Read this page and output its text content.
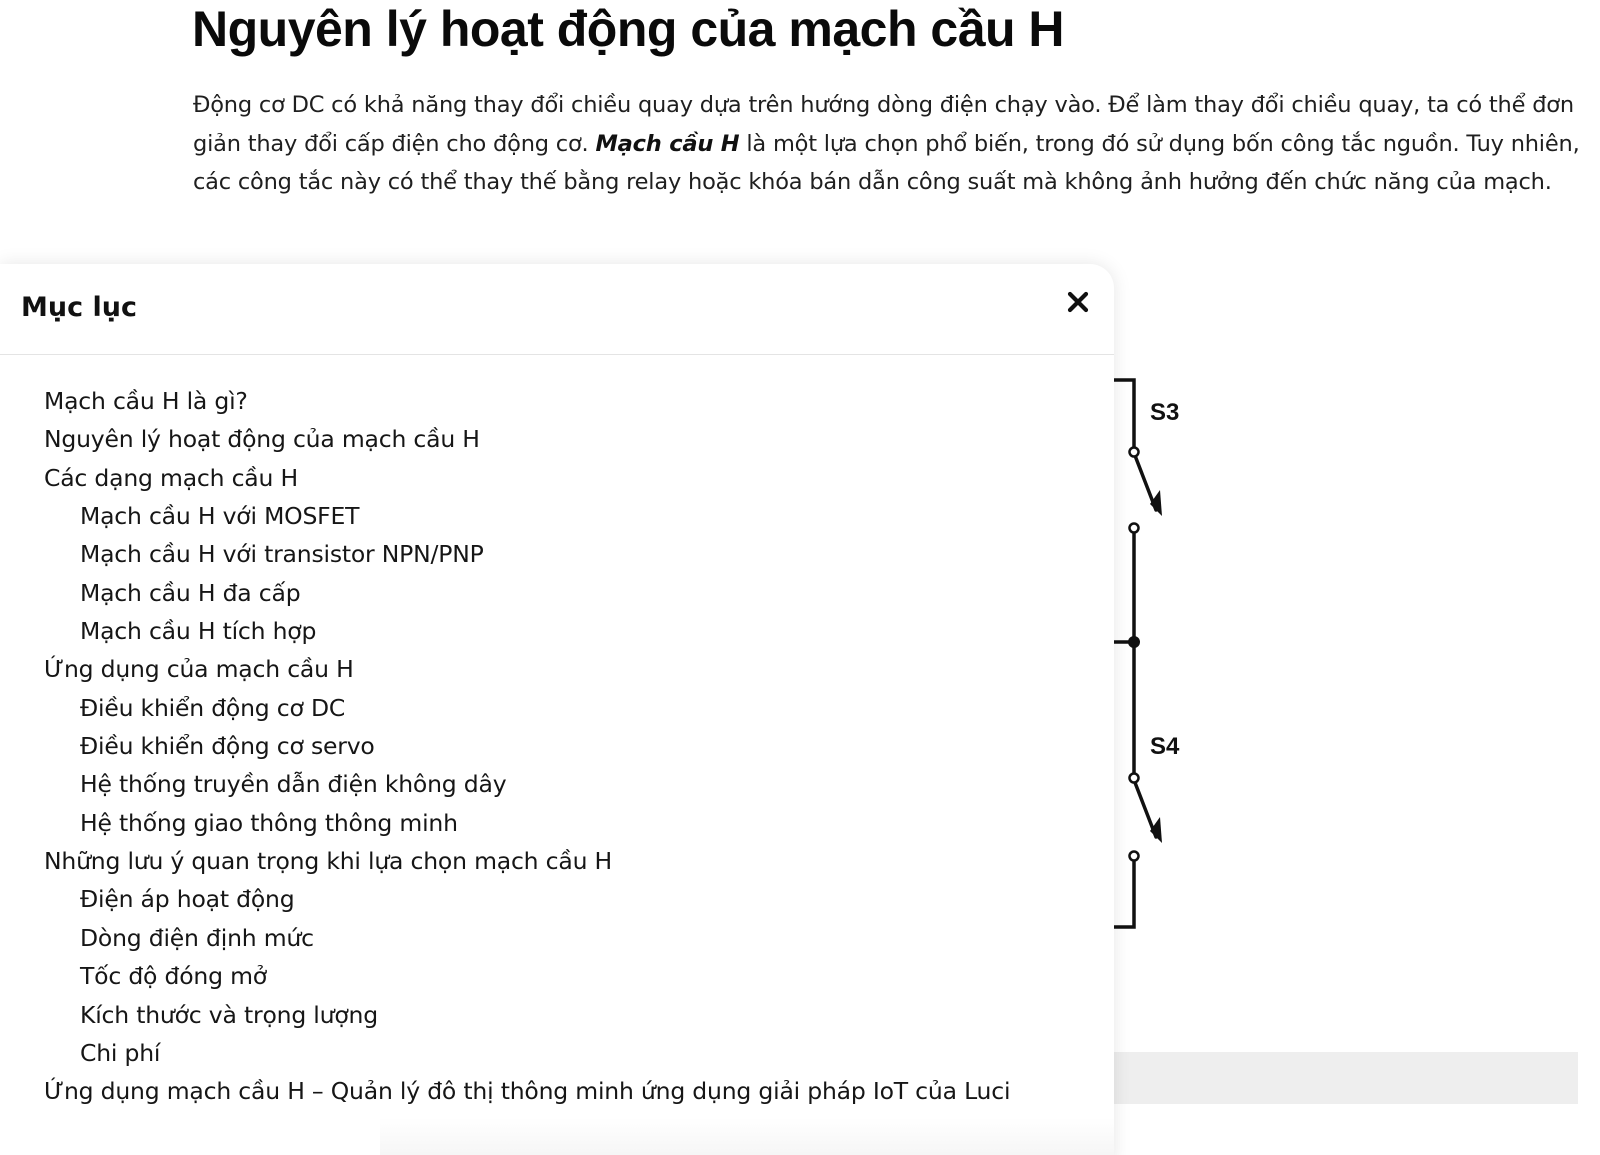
Nguyên lý hoạt động của mạch cầu H

Động cơ DC có khả năng thay đổi chiều quay dựa trên hướng dòng điện chạy vào. Để làm thay đổi chiều quay, ta có thể đơn giản thay đổi cấp điện cho động cơ. Mạch cầu H là một lựa chọn phổ biến, trong đó sử dụng bốn công tắc nguồn. Tuy nhiên, các công tắc này có thể thay thế bằng relay hoặc khóa bán dẫn công suất mà không ảnh hưởng đến chức năng của mạch.

S3
S4
Mục lục
Mạch cầu H là gì?
Nguyên lý hoạt động của mạch cầu H
Các dạng mạch cầu H
Mạch cầu H với MOSFET
Mạch cầu H với transistor NPN/PNP
Mạch cầu H đa cấp
Mạch cầu H tích hợp
Ứng dụng của mạch cầu H
Điều khiển động cơ DC
Điều khiển động cơ servo
Hệ thống truyền dẫn điện không dây
Hệ thống giao thông thông minh
Những lưu ý quan trọng khi lựa chọn mạch cầu H
Điện áp hoạt động
Dòng điện định mức
Tốc độ đóng mở
Kích thước và trọng lượng
Chi phí
Ứng dụng mạch cầu H – Quản lý đô thị thông minh ứng dụng giải pháp IoT của Luci
